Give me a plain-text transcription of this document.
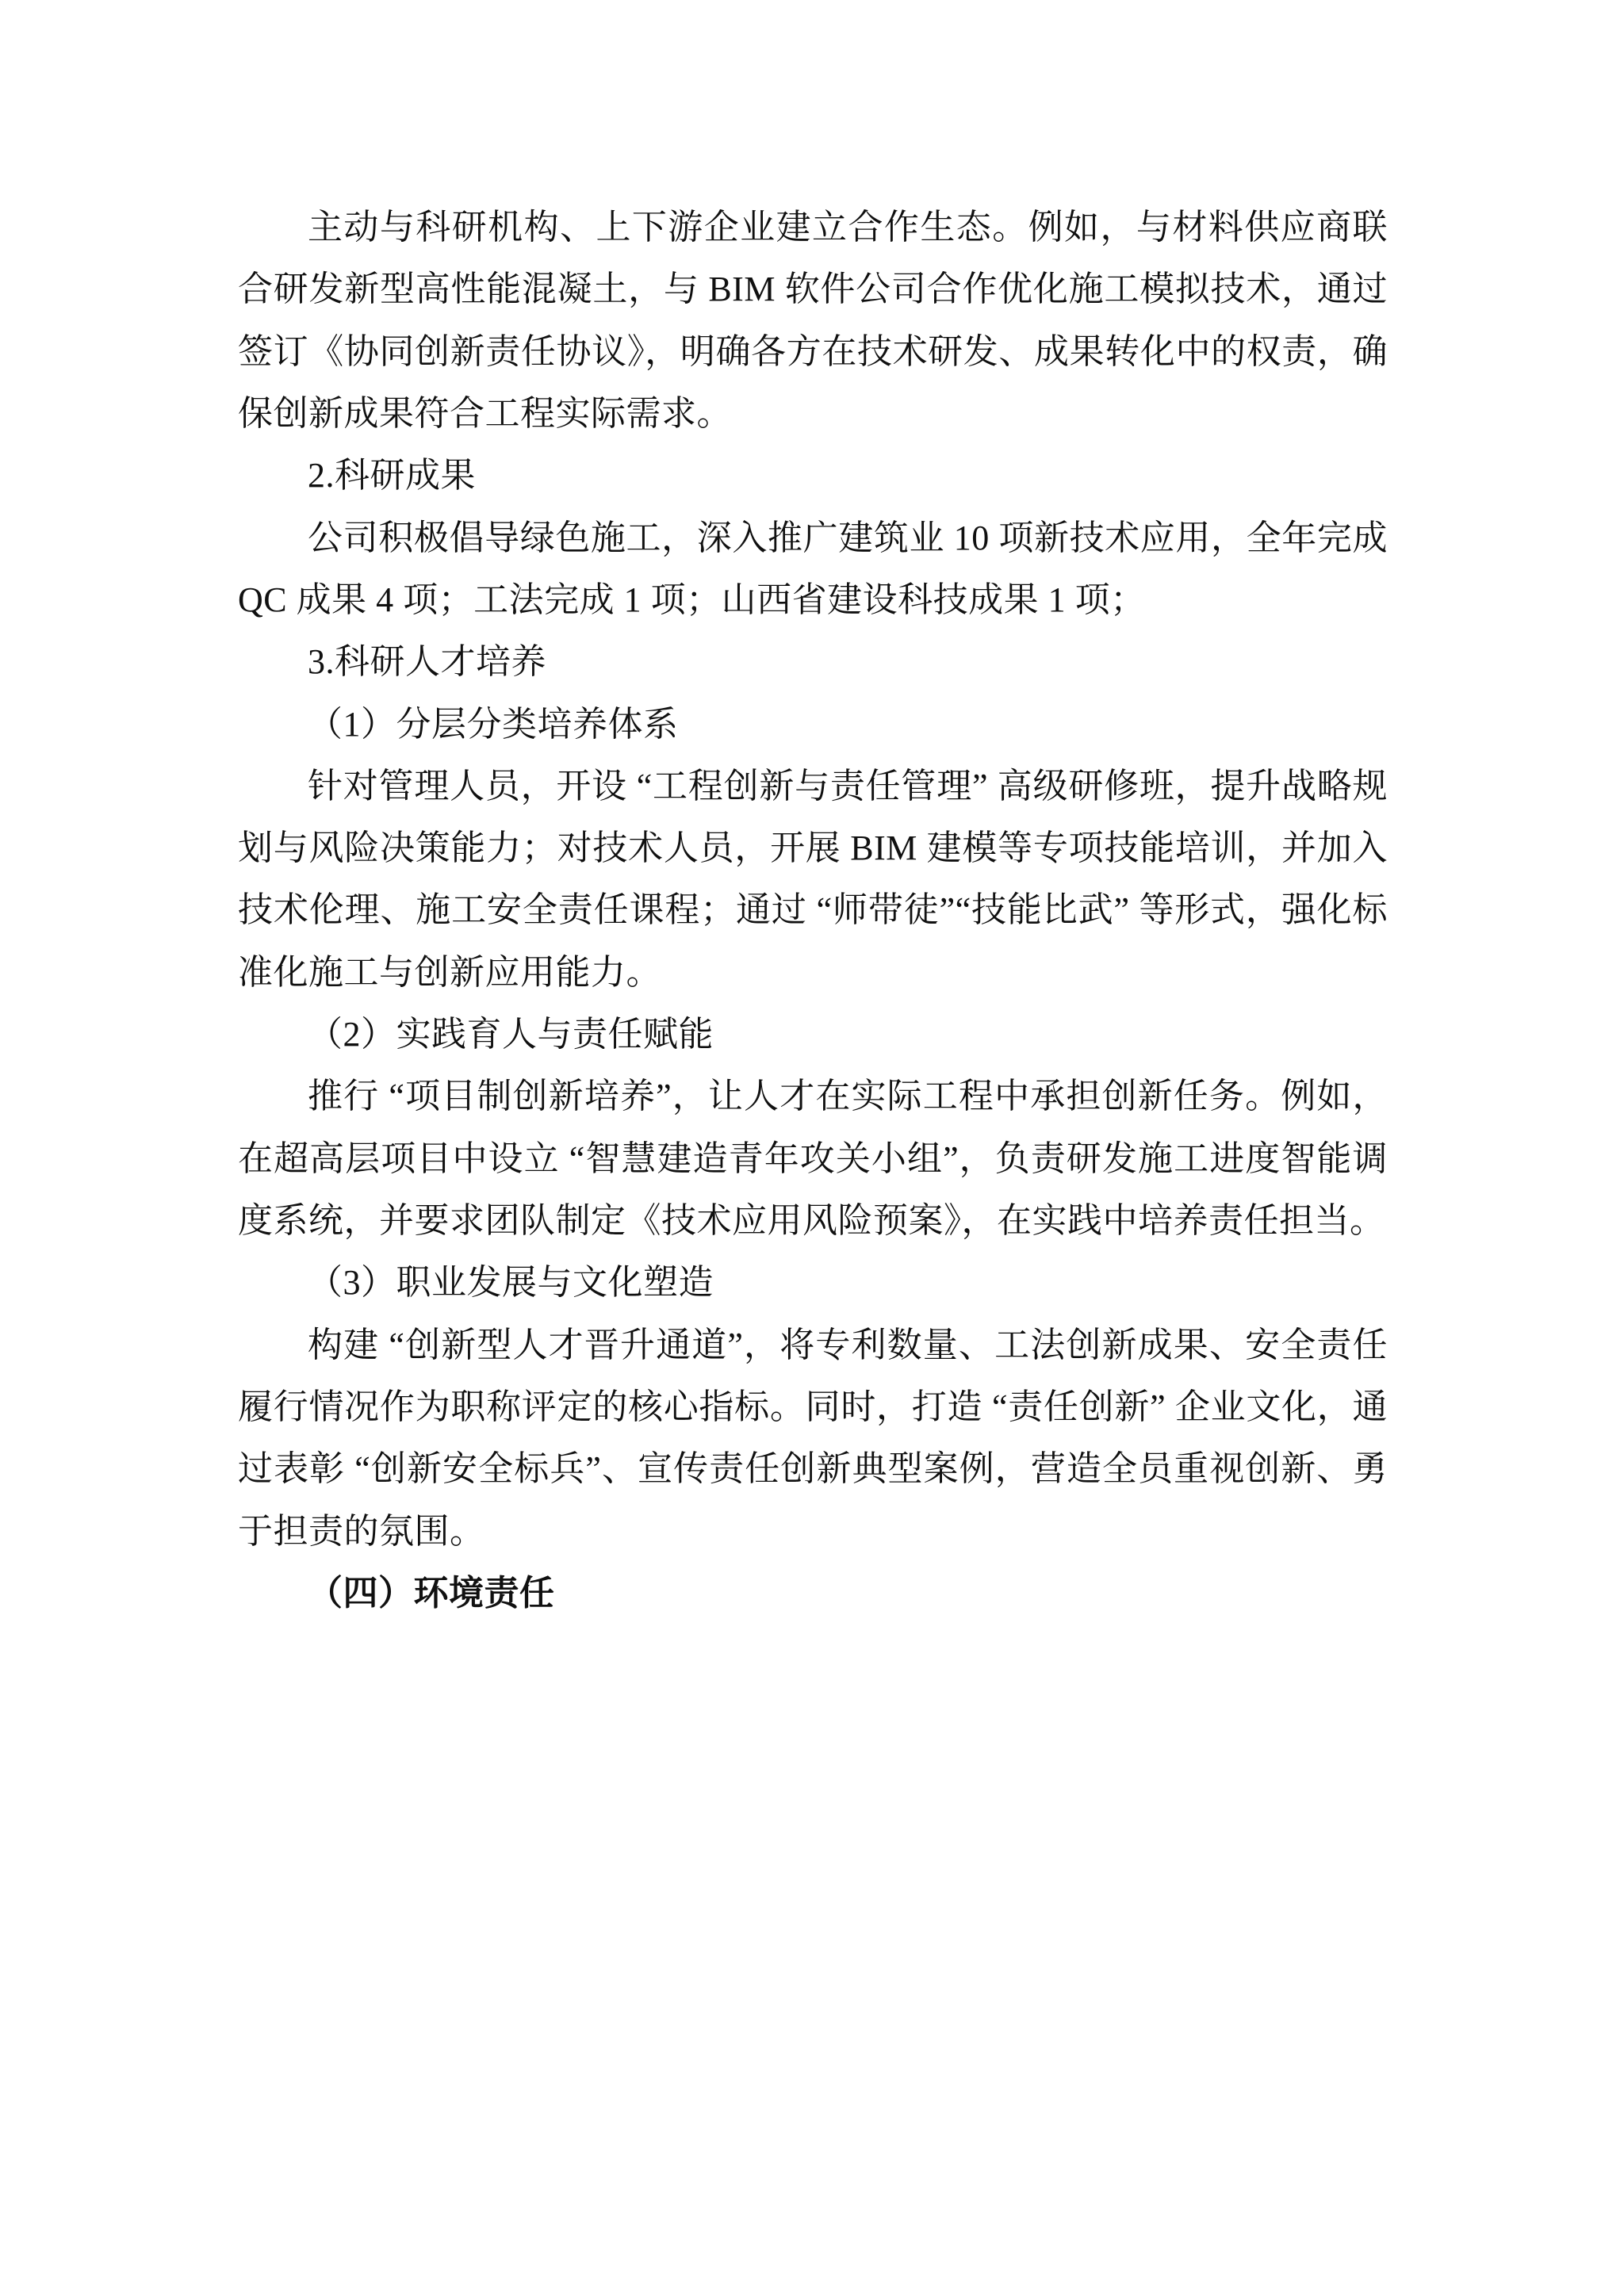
主动与科研机构、上下游企业建立合作生态。例如，与材料供应商联合研发新型高性能混凝土，与 BIM 软件公司合作优化施工模拟技术，通过签订《协同创新责任协议》，明确各方在技术研发、成果转化中的权责，确保创新成果符合工程实际需求。

2.科研成果

公司积极倡导绿色施工，深入推广建筑业 10 项新技术应用，全年完成 QC 成果 4 项；工法完成 1 项；山西省建设科技成果 1 项；

3.科研人才培养

（1）分层分类培养体系

针对管理人员，开设 “工程创新与责任管理” 高级研修班，提升战略规划与风险决策能力；对技术人员，开展 BIM 建模等专项技能培训，并加入技术伦理、施工安全责任课程；通过 “师带徒”“技能比武” 等形式，强化标准化施工与创新应用能力。

（2）实践育人与责任赋能

推行 “项目制创新培养”，让人才在实际工程中承担创新任务。例如，在超高层项目中设立 “智慧建造青年攻关小组”，负责研发施工进度智能调度系统，并要求团队制定《技术应用风险预案》，在实践中培养责任担当。

（3）职业发展与文化塑造

构建 “创新型人才晋升通道”，将专利数量、工法创新成果、安全责任履行情况作为职称评定的核心指标。同时，打造 “责任创新” 企业文化，通过表彰 “创新安全标兵”、宣传责任创新典型案例，营造全员重视创新、勇于担责的氛围。

（四）环境责任
